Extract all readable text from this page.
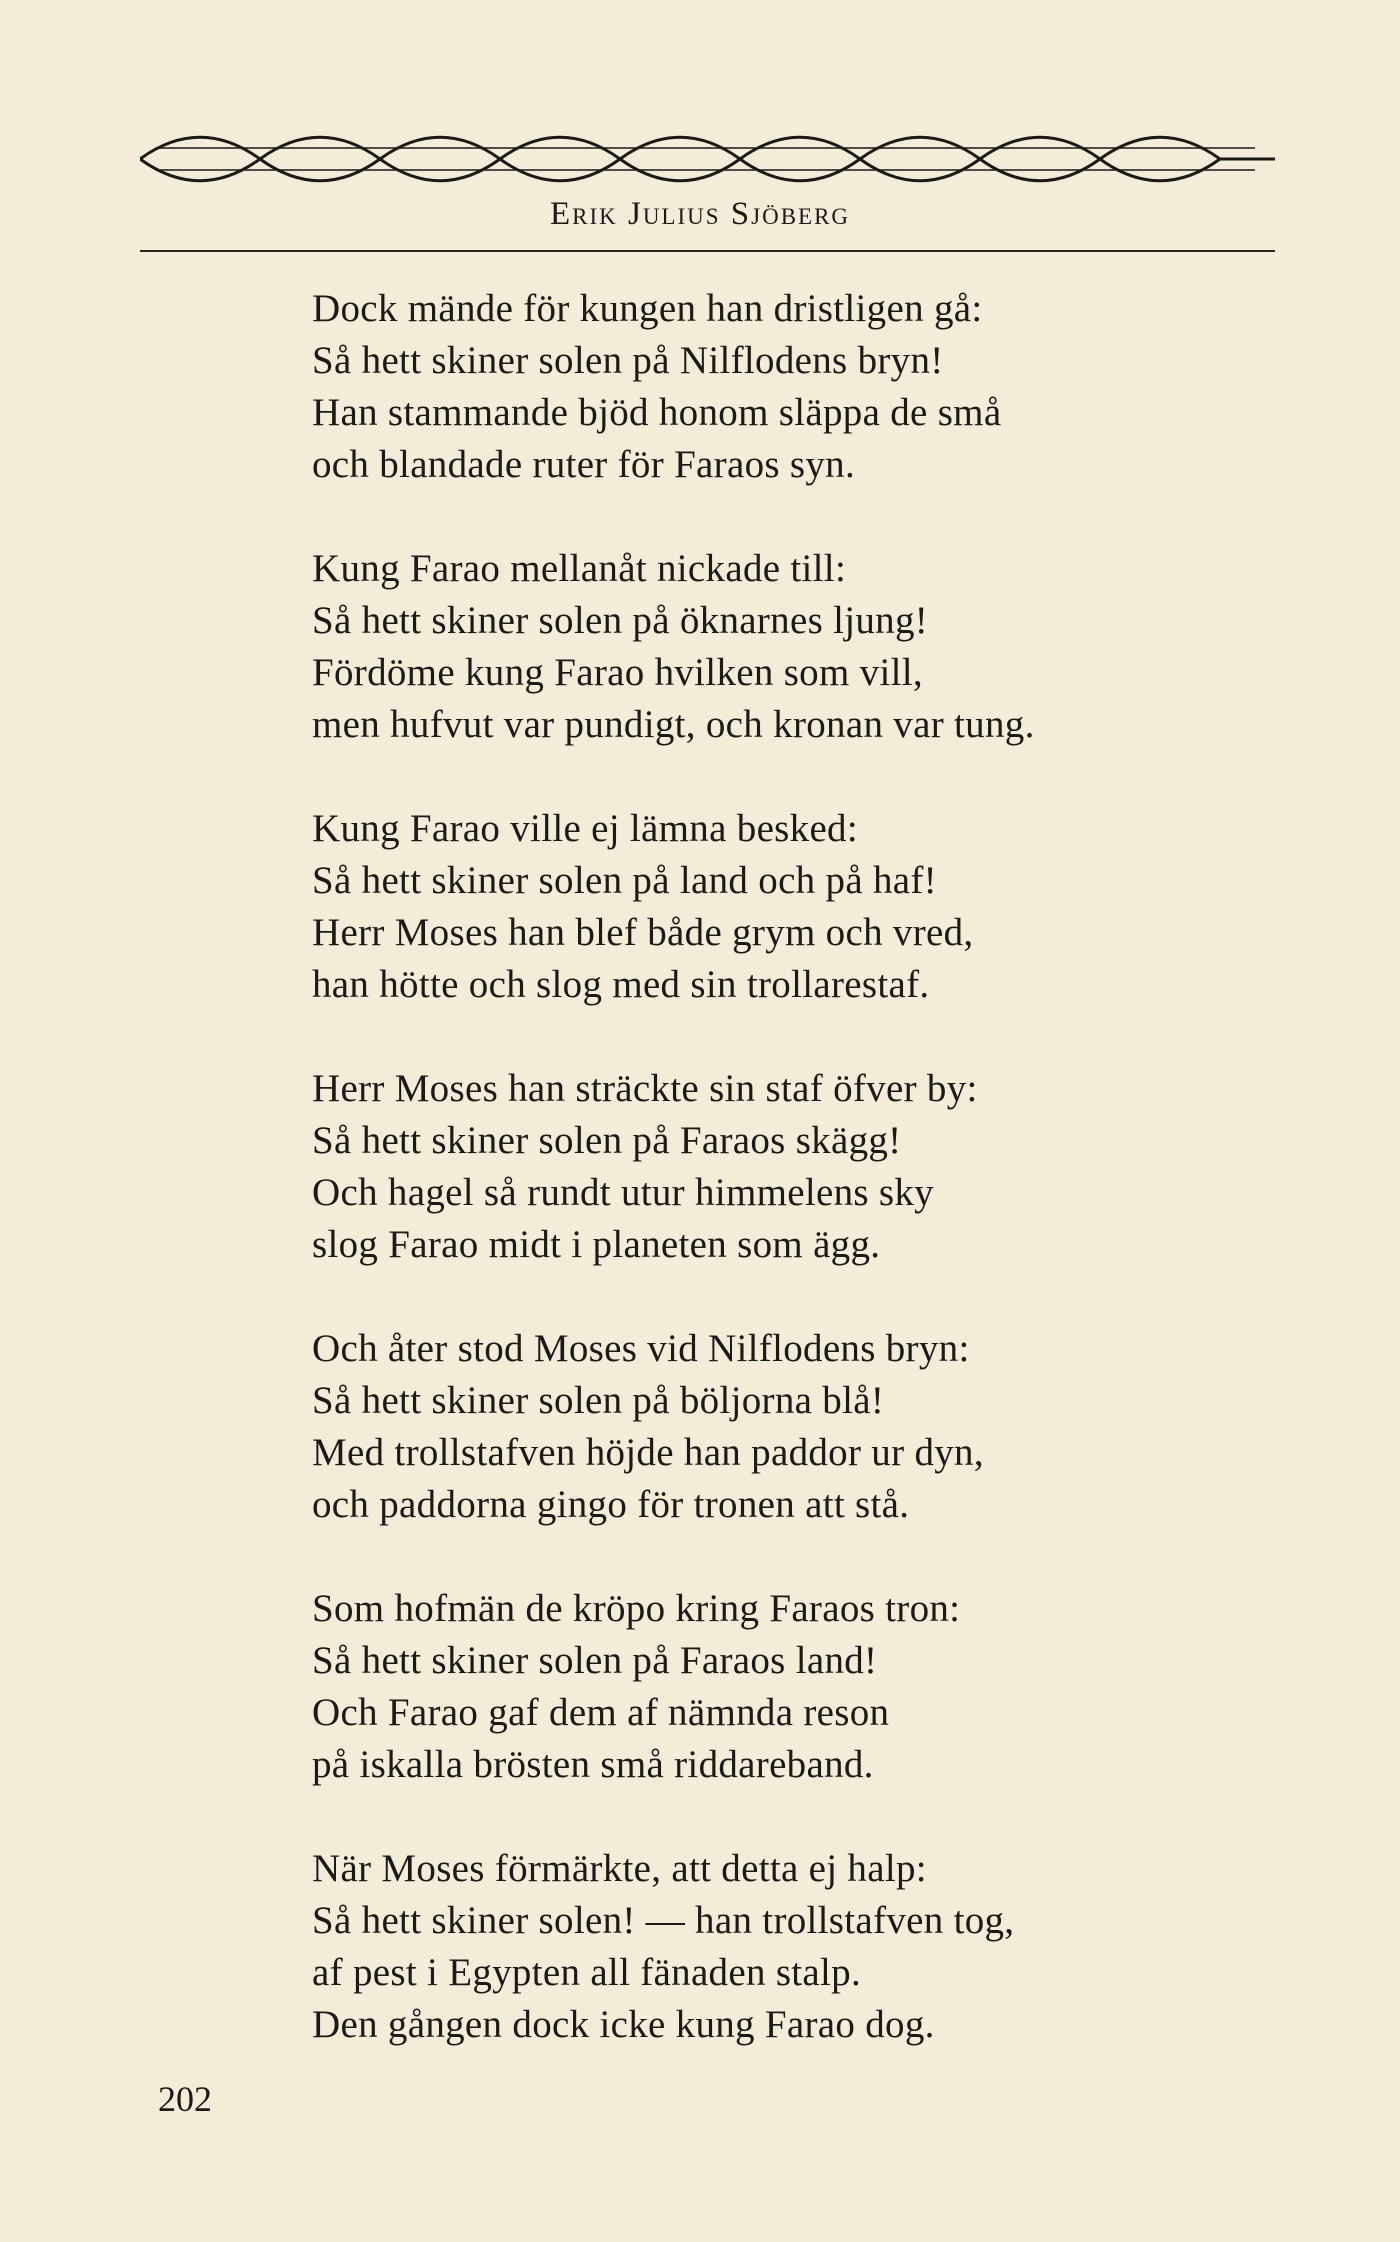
Erik Julius Sjöberg
Dock mände för kungen han dristligen gå:
Så hett skiner solen på Nilflodens bryn!
Han stammande bjöd honom släppa de små
och blandade ruter för Faraos syn.
Kung Farao mellanåt nickade till:
Så hett skiner solen på öknarnes ljung!
Fördöme kung Farao hvilken som vill,
men hufvut var pundigt, och kronan var tung.
Kung Farao ville ej lämna besked:
Så hett skiner solen på land och på haf!
Herr Moses han blef både grym och vred,
han hötte och slog med sin trollarestaf.
Herr Moses han sträckte sin staf öfver by:
Så hett skiner solen på Faraos skägg!
Och hagel så rundt utur himmelens sky
slog Farao midt i planeten som ägg.
Och åter stod Moses vid Nilflodens bryn:
Så hett skiner solen på böljorna blå!
Med trollstafven höjde han paddor ur dyn,
och paddorna gingo för tronen att stå.
Som hofmän de kröpo kring Faraos tron:
Så hett skiner solen på Faraos land!
Och Farao gaf dem af nämnda reson
på iskalla brösten små riddareband.
När Moses förmärkte, att detta ej halp:
Så hett skiner solen! — han trollstafven tog,
af pest i Egypten all fänaden stalp.
Den gången dock icke kung Farao dog.
202
